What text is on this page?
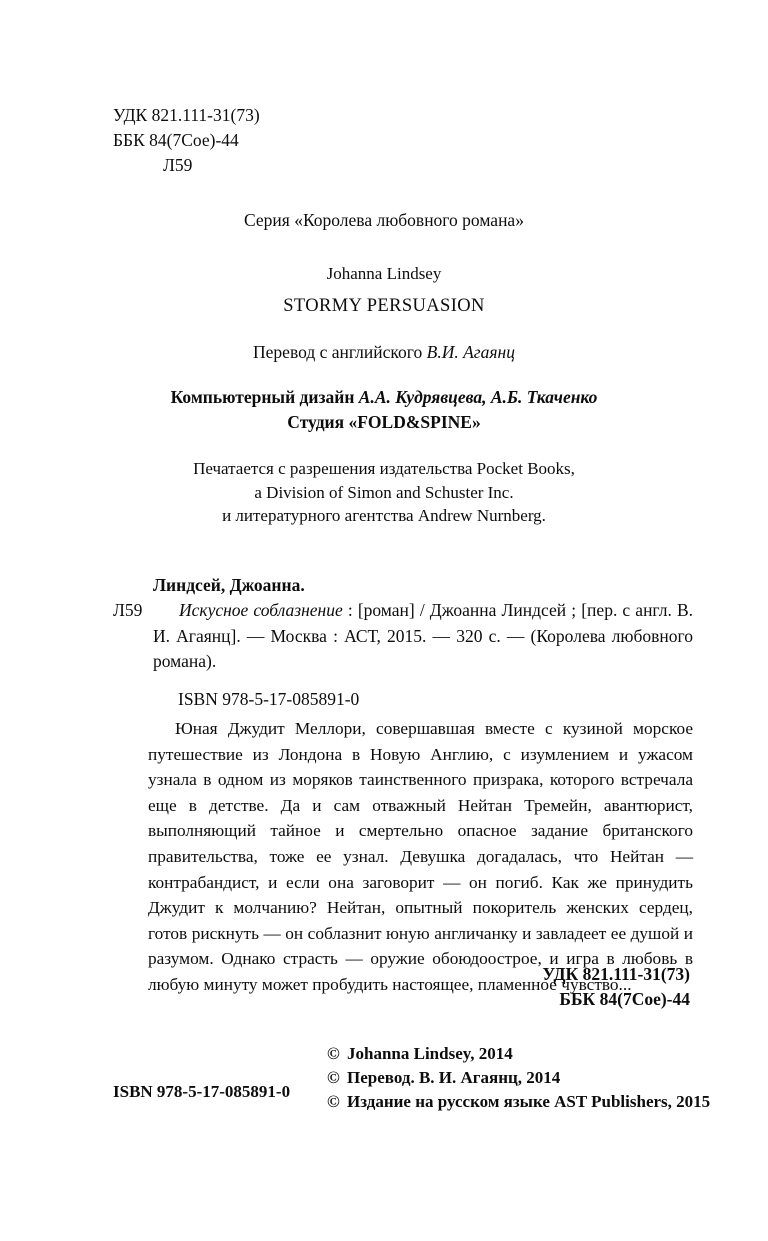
УДК 821.111-31(73)
ББК 84(7Сое)-44
Л59
Серия «Королева любовного романа»
Johanna Lindsey
STORMY PERSUASION
Перевод с английского В.И. Агаянц
Компьютерный дизайн А.А. Кудрявцева, А.Б. Ткаченко
Студия «FOLD&SPINE»
Печатается с разрешения издательства Pocket Books,
a Division of Simon and Schuster Inc.
и литературного агентства Andrew Nurnberg.
Линдсей, Джоанна.
Л59 Искусное соблазнение : [роман] / Джоанна Линдсей ; [пер. с англ. В. И. Агаянц]. — Москва : АСТ, 2015. — 320 с. — (Королева любовного романа).
ISBN 978-5-17-085891-0
Юная Джудит Меллори, совершавшая вместе с кузиной морское путешествие из Лондона в Новую Англию, с изумлением и ужасом узнала в одном из моряков таинственного призрака, которого встречала еще в детстве. Да и сам отважный Нейтан Тремейн, авантюрист, выполняющий тайное и смертельно опасное задание британского правительства, тоже ее узнал. Девушка догадалась, что Нейтан — контрабандист, и если она заговорит — он погиб. Как же принудить Джудит к молчанию? Нейтан, опытный покоритель женских сердец, готов рискнуть — он соблазнит юную англичанку и завладеет ее душой и разумом. Однако страсть — оружие обоюдоострое, и игра в любовь в любую минуту может пробудить настоящее, пламенное чувство...
УДК 821.111-31(73)
ББК 84(7Сое)-44
ISBN 978-5-17-085891-0
© Johanna Lindsey, 2014
© Перевод. В. И. Агаянц, 2014
© Издание на русском языке AST Publishers, 2015
